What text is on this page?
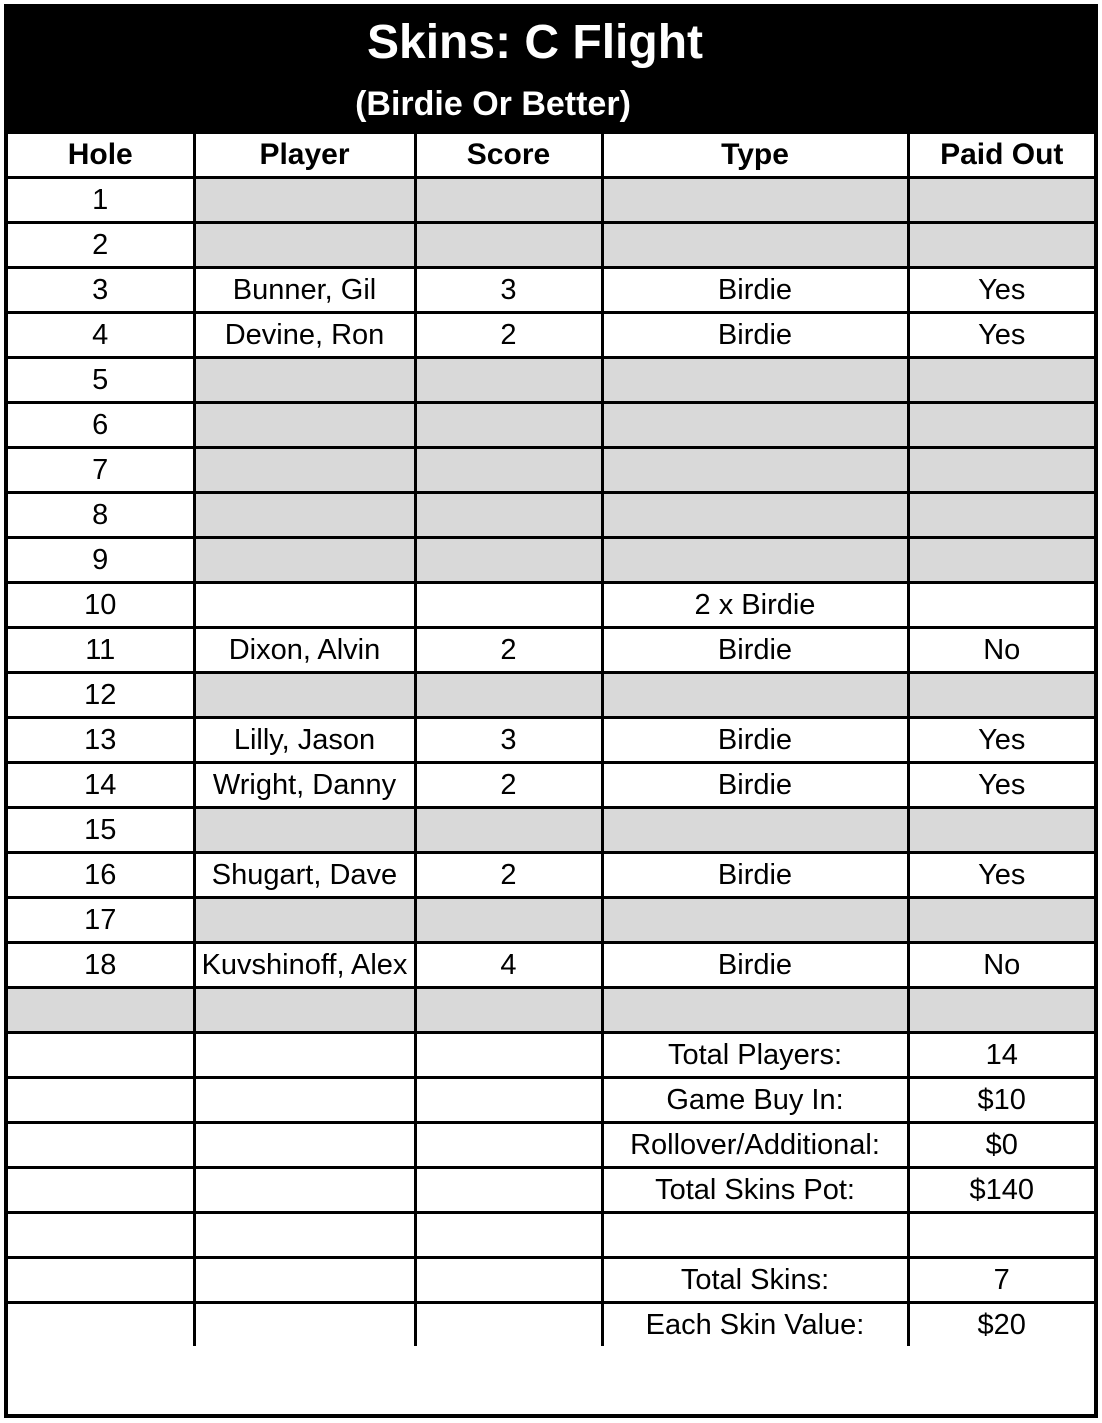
Skins: C Flight
(Birdie Or Better)
Hole	Player	Score	Type	Paid Out
1				
2				
3	Bunner, Gil	3	Birdie	Yes
4	Devine, Ron	2	Birdie	Yes
5				
6				
7				
8				
9				
10			2 x Birdie	
11	Dixon, Alvin	2	Birdie	No
12				
13	Lilly, Jason	3	Birdie	Yes
14	Wright, Danny	2	Birdie	Yes
15				
16	Shugart, Dave	2	Birdie	Yes
17				
18	Kuvshinoff, Alex	4	Birdie	No

			Total Players:	14
			Game Buy In:	$10
			Rollover/Additional:	$0
			Total Skins Pot:	$140

			Total Skins:	7
			Each Skin Value:	$20
